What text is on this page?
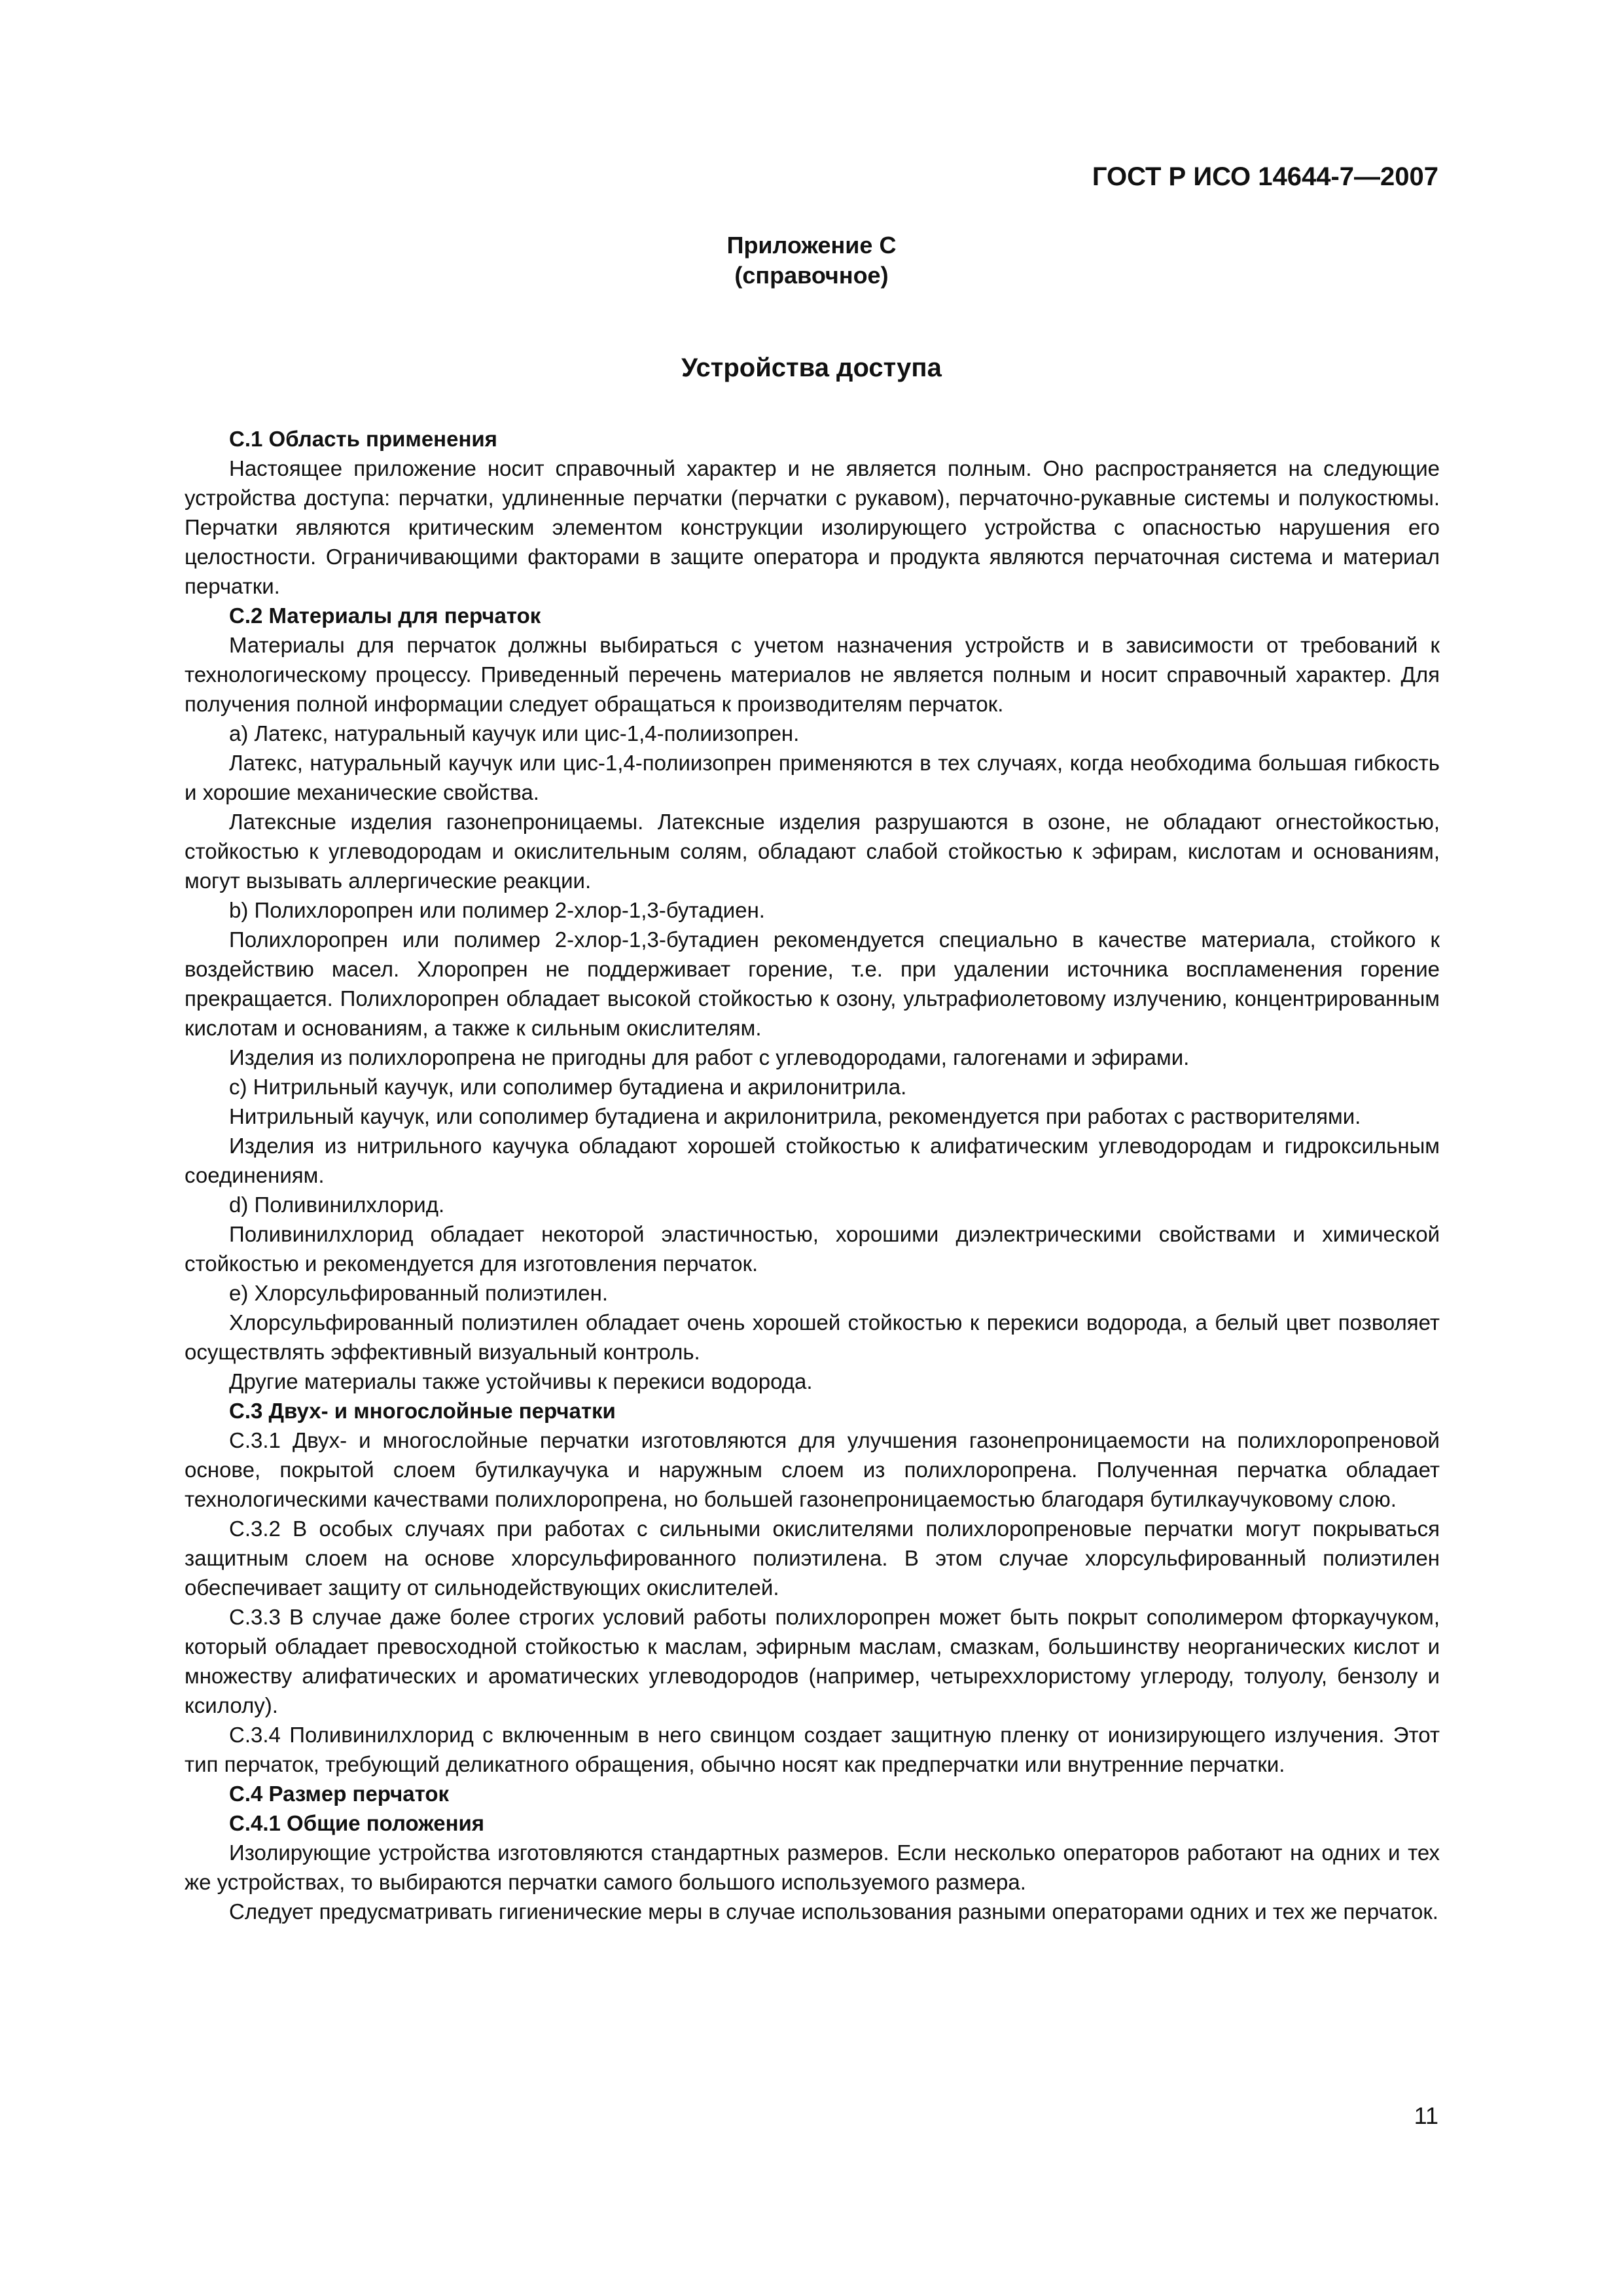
ГОСТ Р ИСО 14644-7—2007
Приложение С
(справочное)
Устройства доступа

С.1 Область применения

Настоящее приложение носит справочный характер и не является полным. Оно распространяется на следующие устройства доступа: перчатки, удлиненные перчатки (перчатки с рукавом), перчаточно-рукавные системы и полукостюмы. Перчатки являются критическим элементом конструкции изолирующего устройства с опасностью нарушения его целостности. Ограничивающими факторами в защите оператора и продукта являются перчаточная система и материал перчатки.

С.2 Материалы для перчаток

Материалы для перчаток должны выбираться с учетом назначения устройств и в зависимости от требований к технологическому процессу. Приведенный перечень материалов не является полным и носит справочный характер. Для получения полной информации следует обращаться к производителям перчаток.

a) Латекс, натуральный каучук или цис-1,4-полиизопрен.

Латекс, натуральный каучук или цис-1,4-полиизопрен применяются в тех случаях, когда необходима большая гибкость и хорошие механические свойства.

Латексные изделия газонепроницаемы. Латексные изделия разрушаются в озоне, не обладают огнестойкостью, стойкостью к углеводородам и окислительным солям, обладают слабой стойкостью к эфирам, кислотам и основаниям, могут вызывать аллергические реакции.

b) Полихлоропрен или полимер 2-хлор-1,3-бутадиен.

Полихлоропрен или полимер 2-хлор-1,3-бутадиен рекомендуется специально в качестве материала, стойкого к воздействию масел. Хлоропрен не поддерживает горение, т.е. при удалении источника воспламенения горение прекращается. Полихлоропрен обладает высокой стойкостью к озону, ультрафиолетовому излучению, концентрированным кислотам и основаниям, а также к сильным окислителям.

Изделия из полихлоропрена не пригодны для работ с углеводородами, галогенами и эфирами.

c) Нитрильный каучук, или сополимер бутадиена и акрилонитрила.

Нитрильный каучук, или сополимер бутадиена и акрилонитрила, рекомендуется при работах с растворителями.

Изделия из нитрильного каучука обладают хорошей стойкостью к алифатическим углеводородам и гидроксильным соединениям.

d) Поливинилхлорид.

Поливинилхлорид обладает некоторой эластичностью, хорошими диэлектрическими свойствами и химической стойкостью и рекомендуется для изготовления перчаток.

e) Хлорсульфированный полиэтилен.

Хлорсульфированный полиэтилен обладает очень хорошей стойкостью к перекиси водорода, а белый цвет позволяет осуществлять эффективный визуальный контроль.

Другие материалы также устойчивы к перекиси водорода.

С.3 Двух- и многослойные перчатки

С.3.1 Двух- и многослойные перчатки изготовляются для улучшения газонепроницаемости на полихлоропреновой основе, покрытой слоем бутилкаучука и наружным слоем из полихлоропрена. Полученная перчатка обладает технологическими качествами полихлоропрена, но большей газонепроницаемостью благодаря бутилкаучуковому слою.

С.3.2 В особых случаях при работах с сильными окислителями полихлоропреновые перчатки могут покрываться защитным слоем на основе хлорсульфированного полиэтилена. В этом случае хлорсульфированный полиэтилен обеспечивает защиту от сильнодействующих окислителей.

С.3.3 В случае даже более строгих условий работы полихлоропрен может быть покрыт сополимером фторкаучуком, который обладает превосходной стойкостью к маслам, эфирным маслам, смазкам, большинству неорганических кислот и множеству алифатических и ароматических углеводородов (например, четыреххлористому углероду, толуолу, бензолу и ксилолу).

С.3.4 Поливинилхлорид с включенным в него свинцом создает защитную пленку от ионизирующего излучения. Этот тип перчаток, требующий деликатного обращения, обычно носят как предперчатки или внутренние перчатки.

С.4 Размер перчаток

С.4.1 Общие положения

Изолирующие устройства изготовляются стандартных размеров. Если несколько операторов работают на одних и тех же устройствах, то выбираются перчатки самого большого используемого размера.

Следует предусматривать гигиенические меры в случае использования разными операторами одних и тех же перчаток.

11
